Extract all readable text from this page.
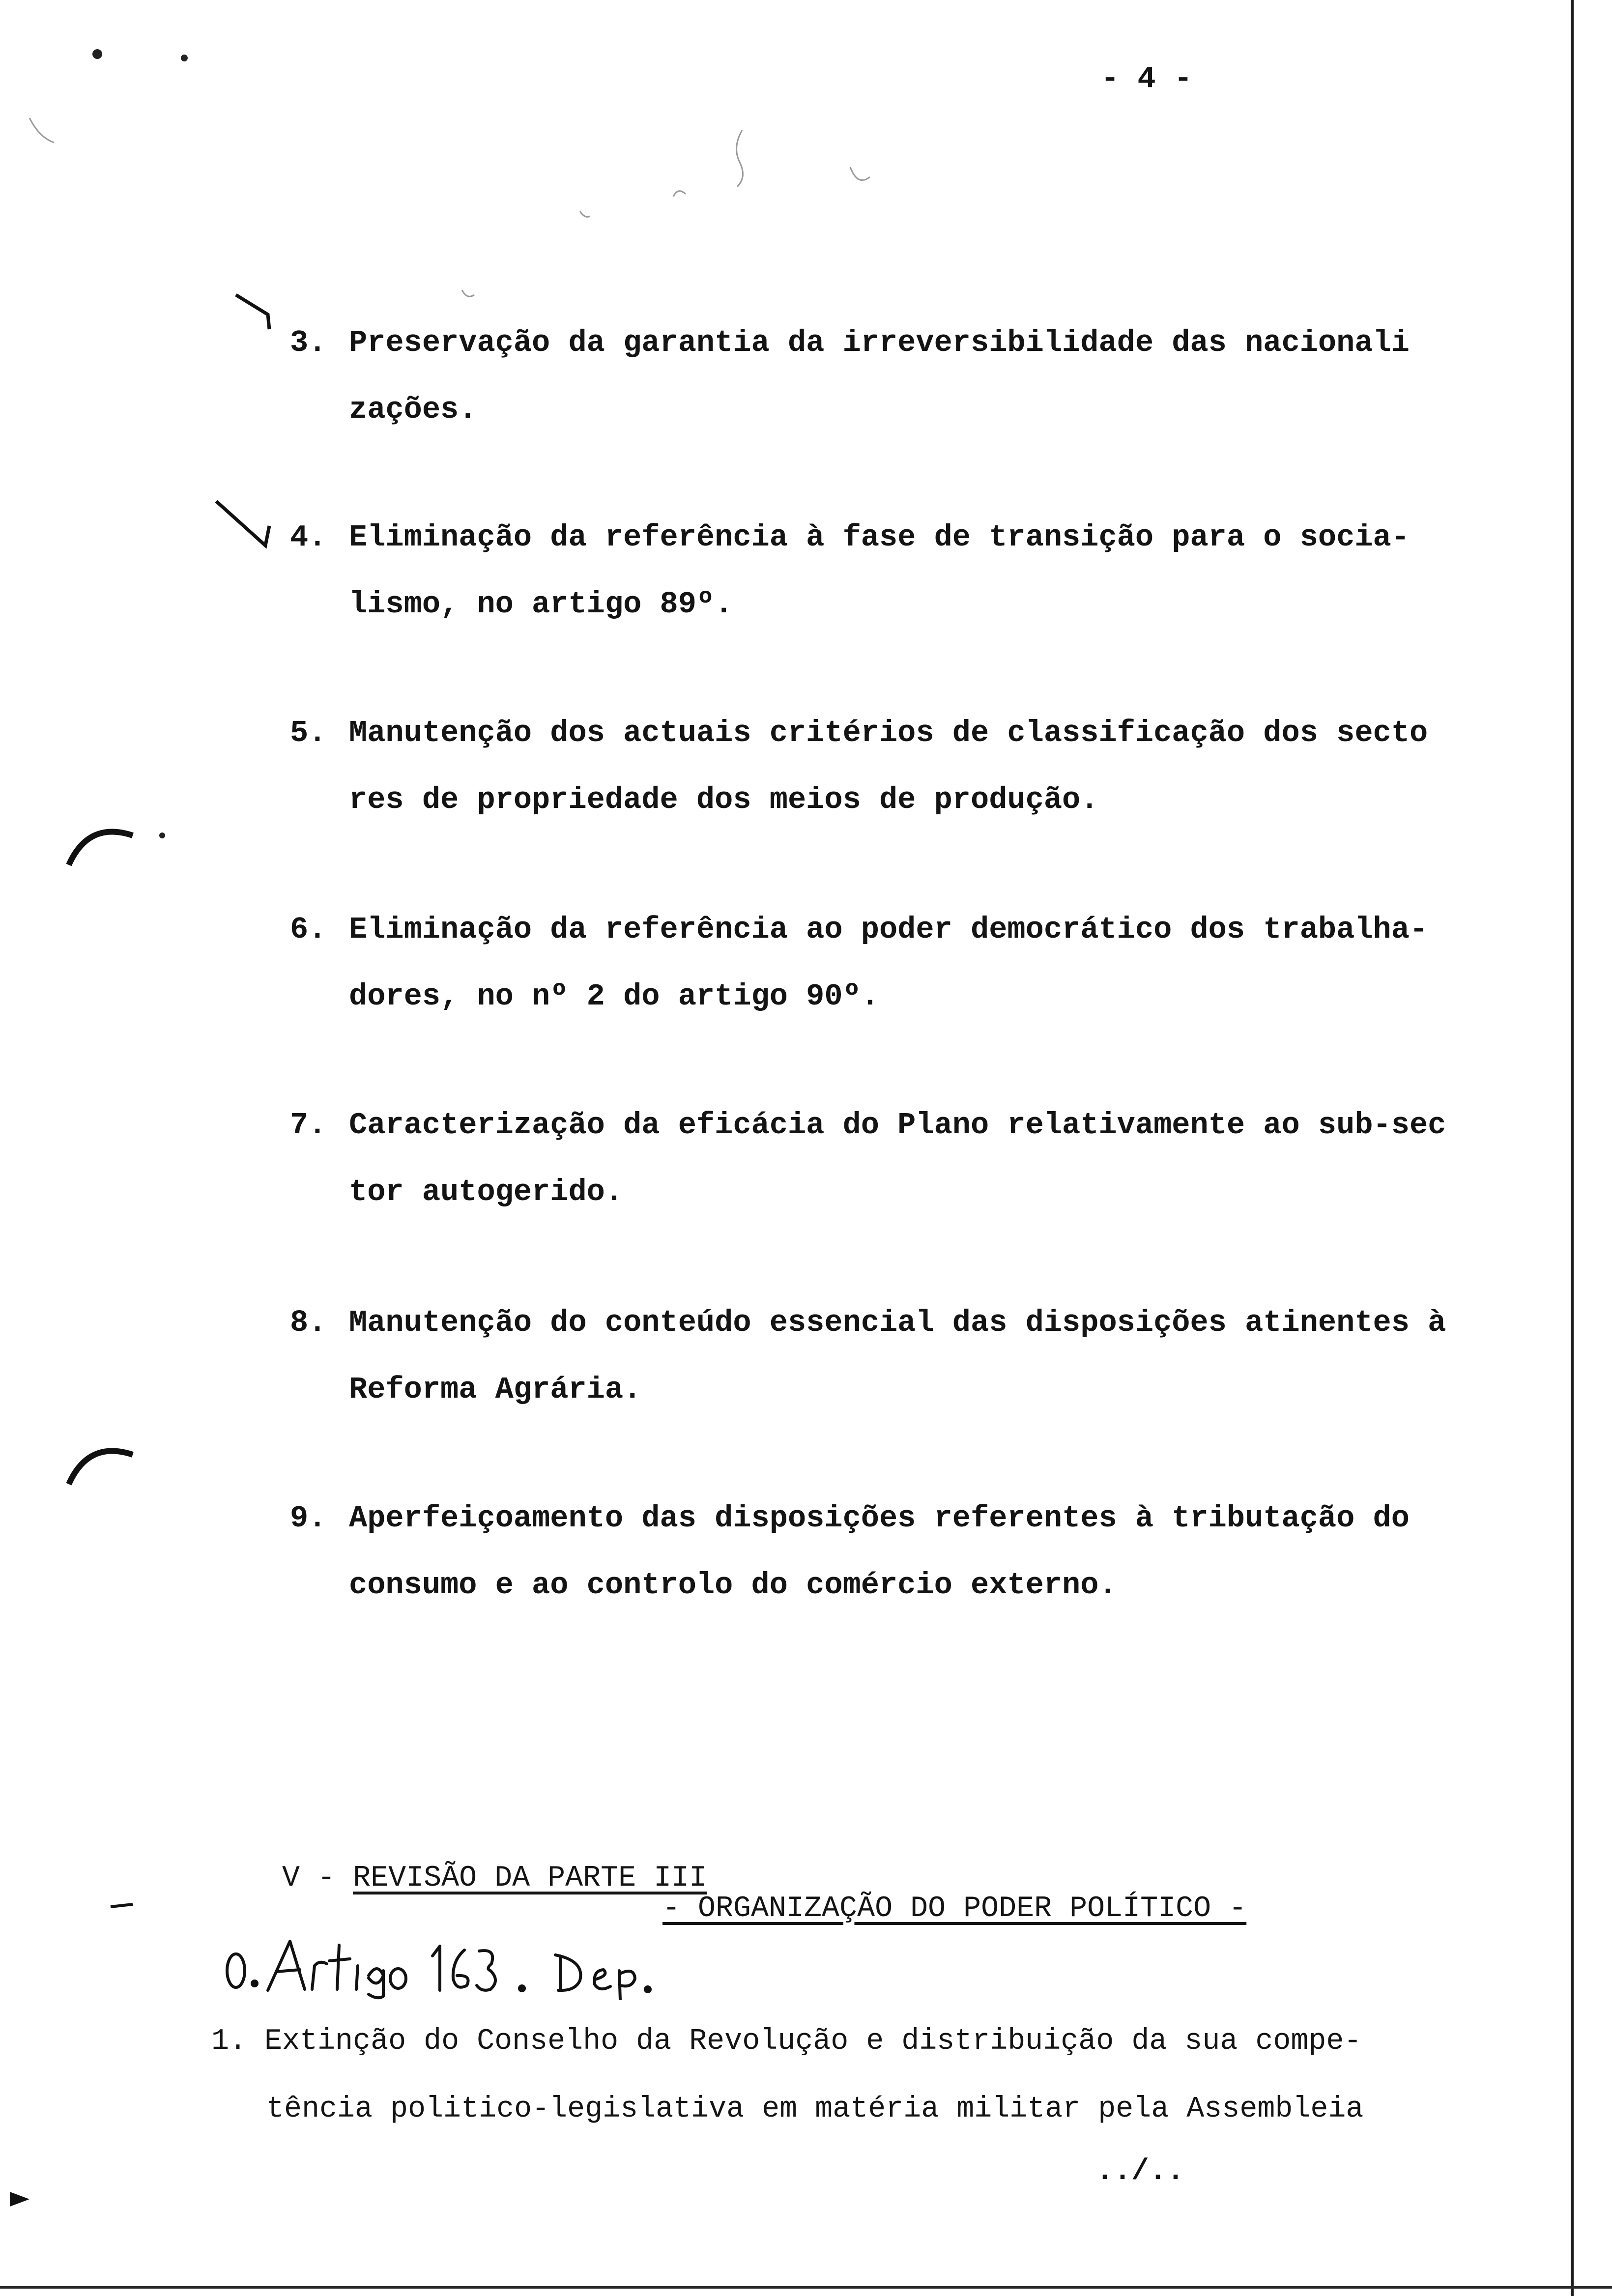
- 4 -
3. Preservação da garantia da irreversibilidade das nacionali
zações.
4. Eliminação da referência à fase de transição para o socia-
lismo, no artigo 89º.
5. Manutenção dos actuais critérios de classificação dos secto
res de propriedade dos meios de produção.
6. Eliminação da referência ao poder democrático dos trabalha-
dores, no nº 2 do artigo 90º.
7. Caracterização da eficácia do Plano relativamente ao sub-sec
tor autogerido.
8. Manutenção do conteúdo essencial das disposições atinentes à
Reforma Agrária.
9. Aperfeiçoamento das disposições referentes à tributação do
consumo e ao controlo do comércio externo.

V - REVISÃO DA PARTE III

- ORGANIZAÇÃO DO PODER POLÍTICO -
1. Extinção do Conselho da Revolução e distribuição da sua compe-
tência politico-legislativa em matéria militar pela Assembleia
../..
